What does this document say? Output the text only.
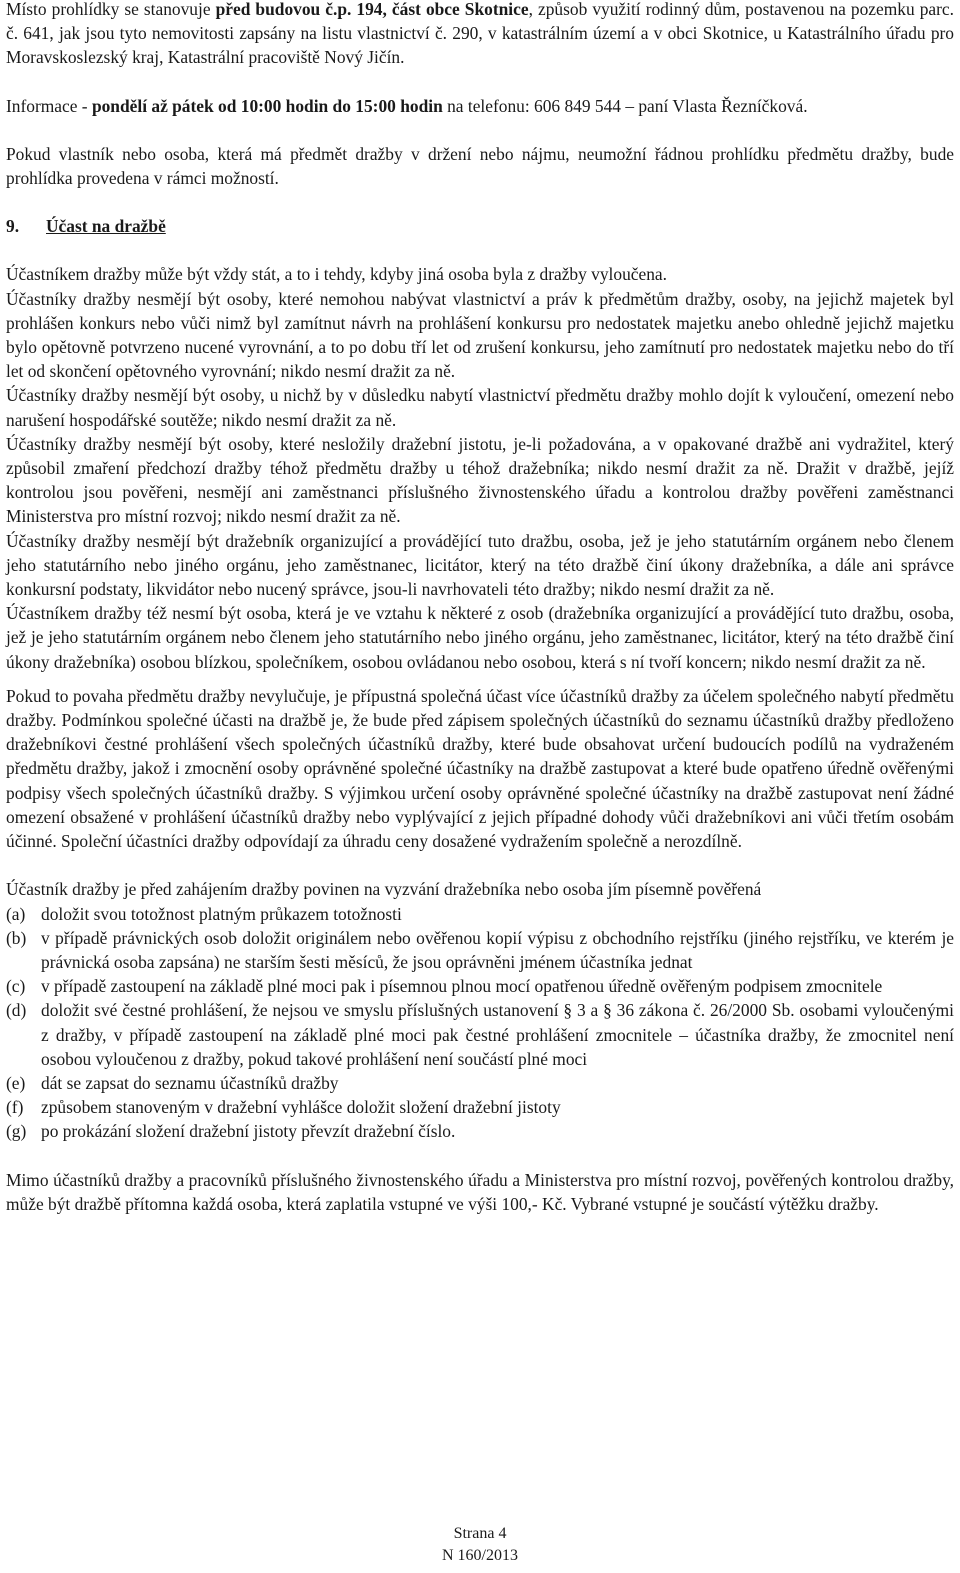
Místo prohlídky se stanovuje před budovou č.p. 194, část obce Skotnice, způsob využití rodinný dům, postavenou na pozemku parc. č. 641, jak jsou tyto nemovitosti zapsány na listu vlastnictví č. 290, v katastrálním území a v obci Skotnice, u Katastrálního úřadu pro Moravskoslezský kraj, Katastrální pracoviště Nový Jičín.

Informace - pondělí až pátek od 10:00 hodin do 15:00 hodin na telefonu: 606 849 544 – paní Vlasta Řezníčková.

Pokud vlastník nebo osoba, která má předmět dražby v držení nebo nájmu, neumožní řádnou prohlídku předmětu dražby, bude prohlídka provedena v rámci možností.

9. Účast na dražbě

Účastníkem dražby může být vždy stát, a to i tehdy, kdyby jiná osoba byla z dražby vyloučena.

Účastníky dražby nesmějí být osoby, které nemohou nabývat vlastnictví a práv k předmětům dražby, osoby, na jejichž majetek byl prohlášen konkurs nebo vůči nimž byl zamítnut návrh na prohlášení konkursu pro nedostatek majetku anebo ohledně jejichž majetku bylo opětovně potvrzeno nucené vyrovnání, a to po dobu tří let od zrušení konkursu, jeho zamítnutí pro nedostatek majetku nebo do tří let od skončení opětovného vyrovnání; nikdo nesmí dražit za ně.

Účastníky dražby nesmějí být osoby, u nichž by v důsledku nabytí vlastnictví předmětu dražby mohlo dojít k vyloučení, omezení nebo narušení hospodářské soutěže; nikdo nesmí dražit za ně.

Účastníky dražby nesmějí být osoby, které nesložily dražební jistotu, je-li požadována, a v opakované dražbě ani vydražitel, který způsobil zmaření předchozí dražby téhož předmětu dražby u téhož dražebníka; nikdo nesmí dražit za ně. Dražit v dražbě, jejíž kontrolou jsou pověřeni, nesmějí ani zaměstnanci příslušného živnostenského úřadu a kontrolou dražby pověřeni zaměstnanci Ministerstva pro místní rozvoj; nikdo nesmí dražit za ně.

Účastníky dražby nesmějí být dražebník organizující a provádějící tuto dražbu, osoba, jež je jeho statutárním orgánem nebo členem jeho statutárního nebo jiného orgánu, jeho zaměstnanec, licitátor, který na této dražbě činí úkony dražebníka, a dále ani správce konkursní podstaty, likvidátor nebo nucený správce, jsou-li navrhovateli této dražby; nikdo nesmí dražit za ně.

Účastníkem dražby též nesmí být osoba, která je ve vztahu k některé z osob (dražebníka organizující a provádějící tuto dražbu, osoba, jež je jeho statutárním orgánem nebo členem jeho statutárního nebo jiného orgánu, jeho zaměstnanec, licitátor, který na této dražbě činí úkony dražebníka) osobou blízkou, společníkem, osobou ovládanou nebo osobou, která s ní tvoří koncern; nikdo nesmí dražit za ně.

Pokud to povaha předmětu dražby nevylučuje, je přípustná společná účast více účastníků dražby za účelem společného nabytí předmětu dražby. Podmínkou společné účasti na dražbě je, že bude před zápisem společných účastníků do seznamu účastníků dražby předloženo dražebníkovi čestné prohlášení všech společných účastníků dražby, které bude obsahovat určení budoucích podílů na vydraženém předmětu dražby, jakož i zmocnění osoby oprávněné společné účastníky na dražbě zastupovat a které bude opatřeno úředně ověřenými podpisy všech společných účastníků dražby. S výjimkou určení osoby oprávněné společné účastníky na dražbě zastupovat není žádné omezení obsažené v prohlášení účastníků dražby nebo vyplývající z jejich případné dohody vůči dražebníkovi ani vůči třetím osobám účinné. Společní účastníci dražby odpovídají za úhradu ceny dosažené vydražením společně a nerozdílně.

Účastník dražby je před zahájením dražby povinen na vyzvání dražebníka nebo osoba jím písemně pověřená

(a) doložit svou totožnost platným průkazem totožnosti
(b) v případě právnických osob doložit originálem nebo ověřenou kopií výpisu z obchodního rejstříku (jiného rejstříku, ve kterém je právnická osoba zapsána) ne starším šesti měsíců, že jsou oprávněni jménem účastníka jednat
(c) v případě zastoupení na základě plné moci pak i písemnou plnou mocí opatřenou úředně ověřeným podpisem zmocnitele
(d) doložit své čestné prohlášení, že nejsou ve smyslu příslušných ustanovení § 3 a § 36 zákona č. 26/2000 Sb. osobami vyloučenými z dražby, v případě zastoupení na základě plné moci pak čestné prohlášení zmocnitele – účastníka dražby, že zmocnitel není osobou vyloučenou z dražby, pokud takové prohlášení není součástí plné moci
(e) dát se zapsat do seznamu účastníků dražby
(f) způsobem stanoveným v dražební vyhlášce doložit složení dražební jistoty
(g) po prokázání složení dražební jistoty převzít dražební číslo.

Mimo účastníků dražby a pracovníků příslušného živnostenského úřadu a Ministerstva pro místní rozvoj, pověřených kontrolou dražby, může být dražbě přítomna každá osoba, která zaplatila vstupné ve výši 100,- Kč. Vybrané vstupné je součástí výtěžku dražby.

Strana 4
N 160/2013
